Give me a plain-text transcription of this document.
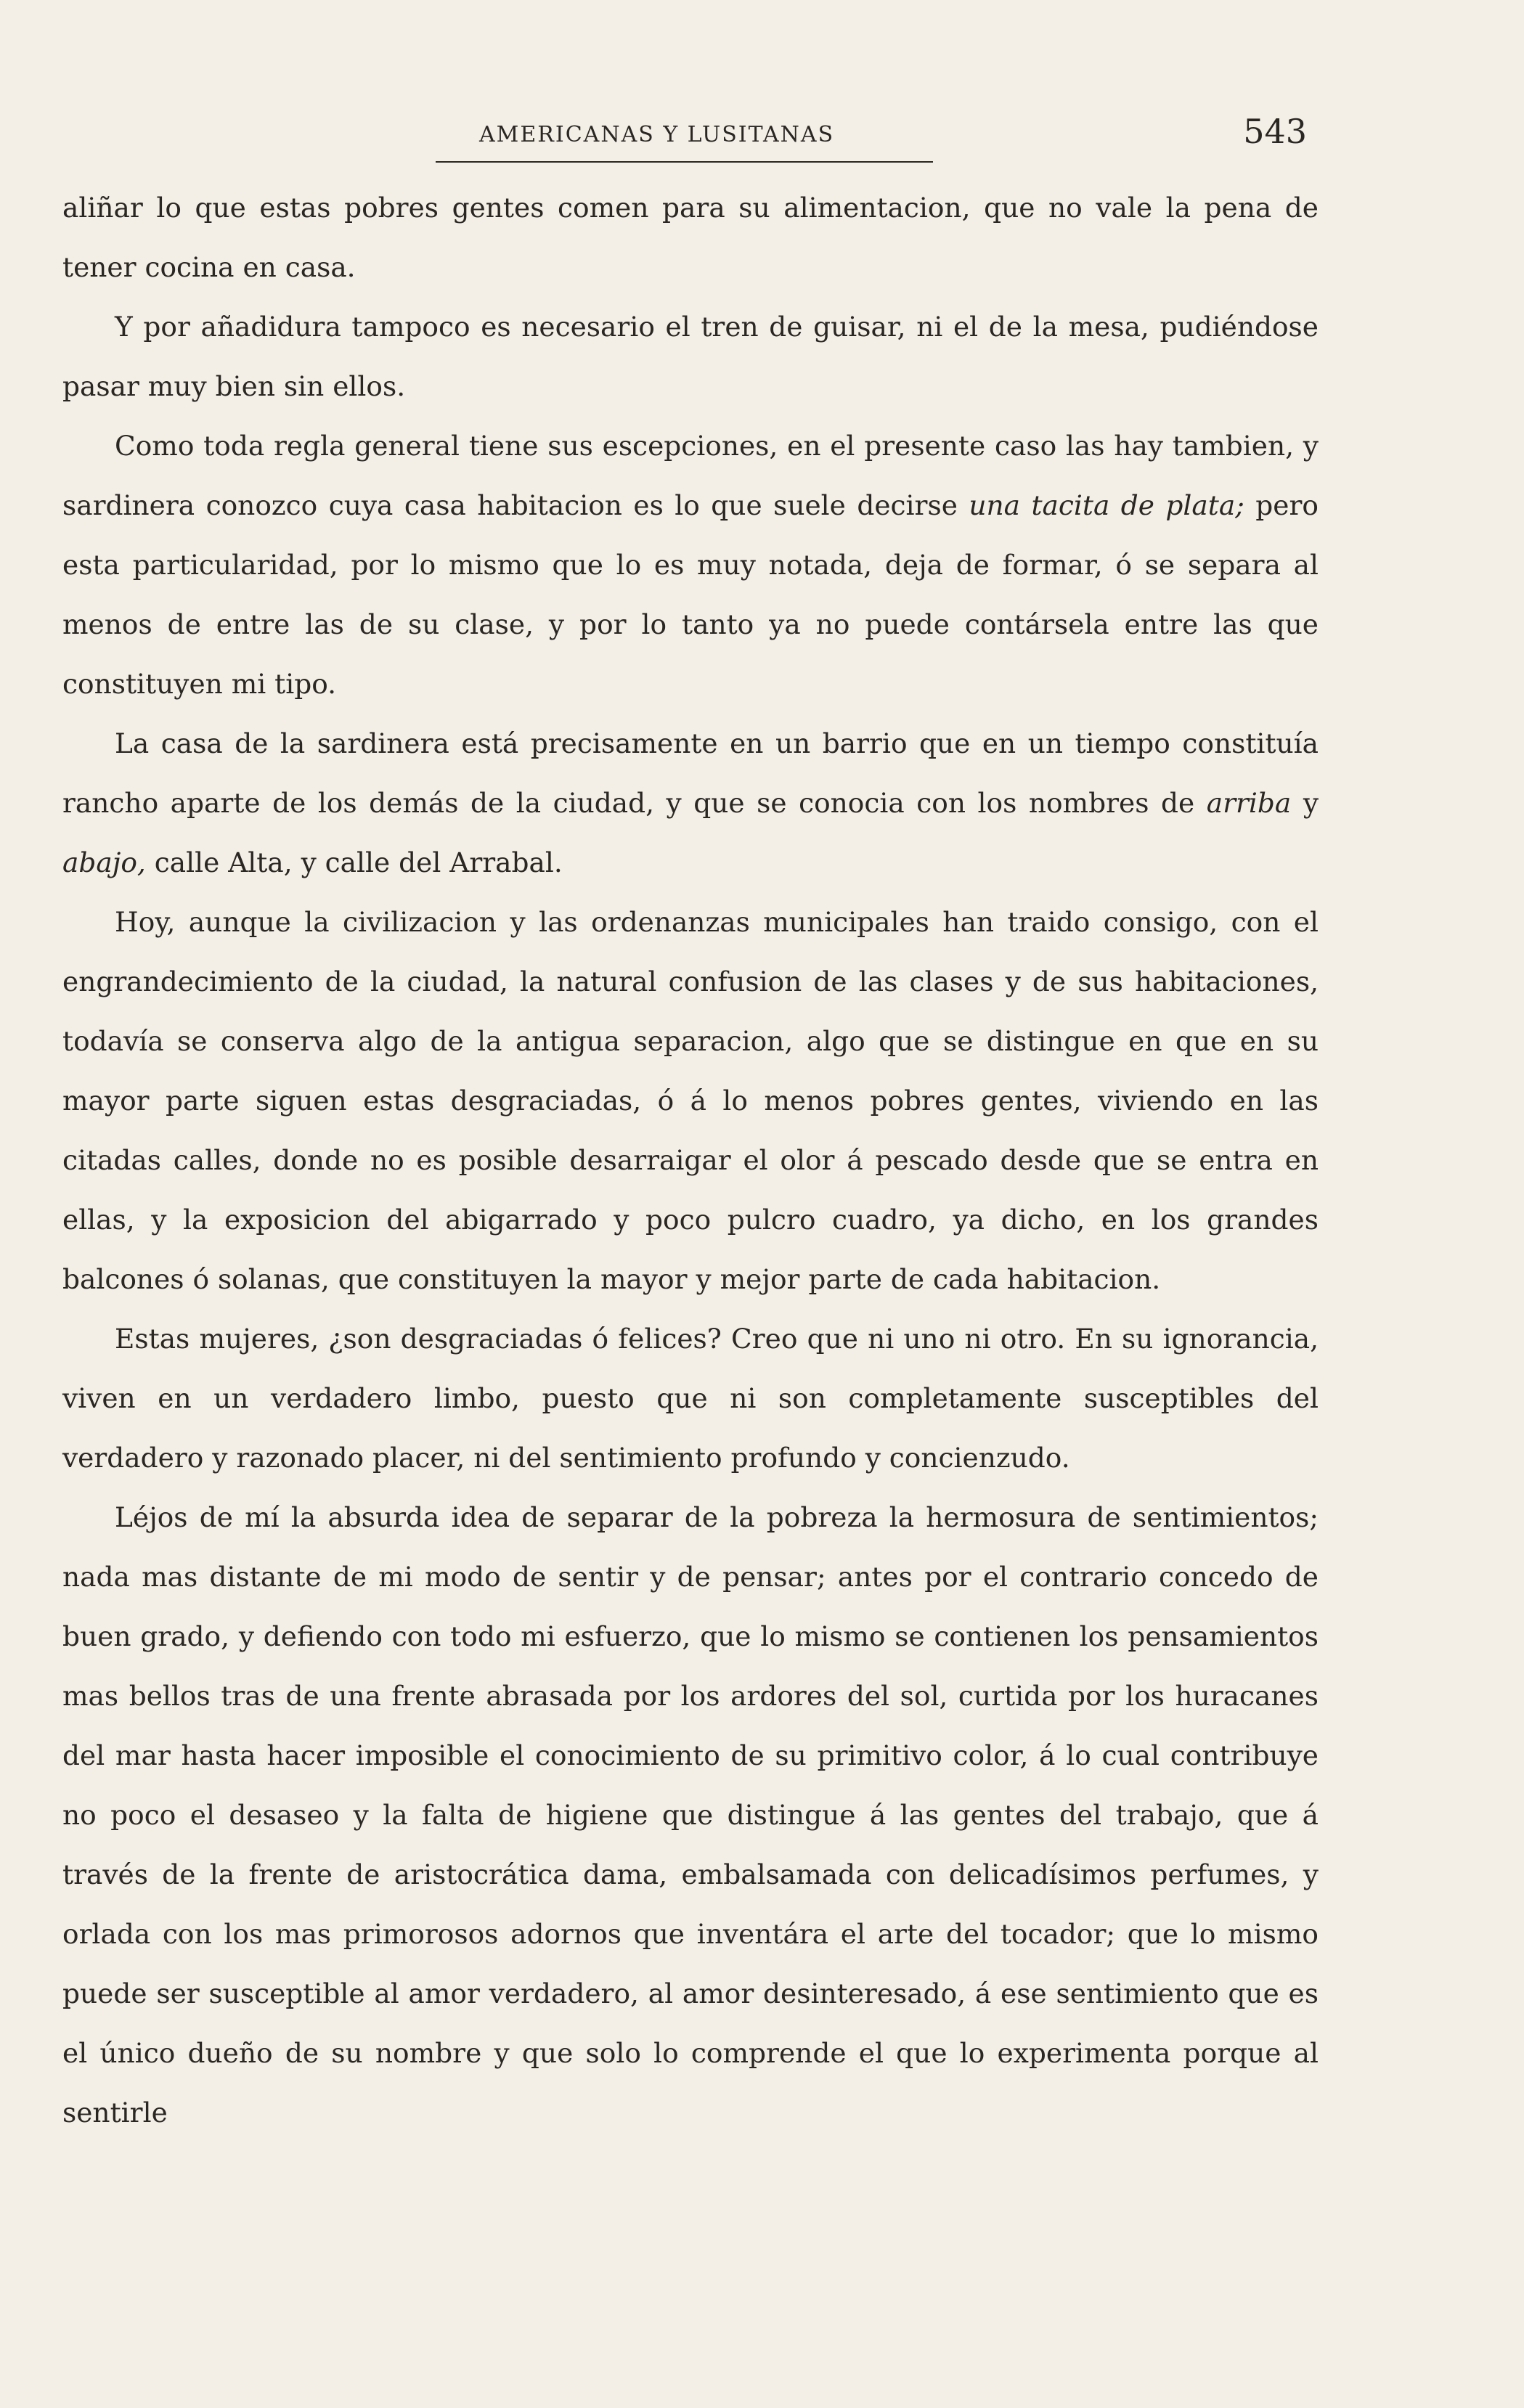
AMERICANAS Y LUSITANAS	543

aliñar lo que estas pobres gentes comen para su alimentacion, que no vale la pena de tener cocina en casa.

Y por añadidura tampoco es necesario el tren de guisar, ni el de la mesa, pudiéndose pasar muy bien sin ellos.

Como toda regla general tiene sus escepciones, en el presente caso las hay tambien, y sardinera conozco cuya casa habitacion es lo que suele decirse una tacita de plata; pero esta particularidad, por lo mismo que lo es muy notada, deja de formar, ó se separa al menos de entre las de su clase, y por lo tanto ya no puede contársela entre las que constituyen mi tipo.

La casa de la sardinera está precisamente en un barrio que en un tiempo constituía rancho aparte de los demás de la ciudad, y que se conocia con los nombres de arriba y abajo, calle Alta, y calle del Arrabal.

Hoy, aunque la civilizacion y las ordenanzas municipales han traido consigo, con el engrandecimiento de la ciudad, la natural confusion de las clases y de sus habitaciones, todavía se conserva algo de la antigua separacion, algo que se distingue en que en su mayor parte siguen estas desgraciadas, ó á lo menos pobres gentes, viviendo en las citadas calles, donde no es posible desarraigar el olor á pescado desde que se entra en ellas, y la exposicion del abigarrado y poco pulcro cuadro, ya dicho, en los grandes balcones ó solanas, que constituyen la mayor y mejor parte de cada habitacion.

Estas mujeres, ¿son desgraciadas ó felices? Creo que ni uno ni otro. En su ignorancia, viven en un verdadero limbo, puesto que ni son completamente susceptibles del verdadero y razonado placer, ni del sentimiento profundo y concienzudo.

Léjos de mí la absurda idea de separar de la pobreza la hermosura de sentimientos; nada mas distante de mi modo de sentir y de pensar; antes por el contrario concedo de buen grado, y defiendo con todo mi esfuerzo, que lo mismo se contienen los pensamientos mas bellos tras de una frente abrasada por los ardores del sol, curtida por los huracanes del mar hasta hacer imposible el conocimiento de su primitivo color, á lo cual contribuye no poco el desaseo y la falta de higiene que distingue á las gentes del trabajo, que á través de la frente de aristocrática dama, embalsamada con delicadísimos perfumes, y orlada con los mas primorosos adornos que inventára el arte del tocador; que lo mismo puede ser susceptible al amor verdadero, al amor desinteresado, á ese sentimiento que es el único dueño de su nombre y que solo lo comprende el que lo experimenta porque al sentirle
